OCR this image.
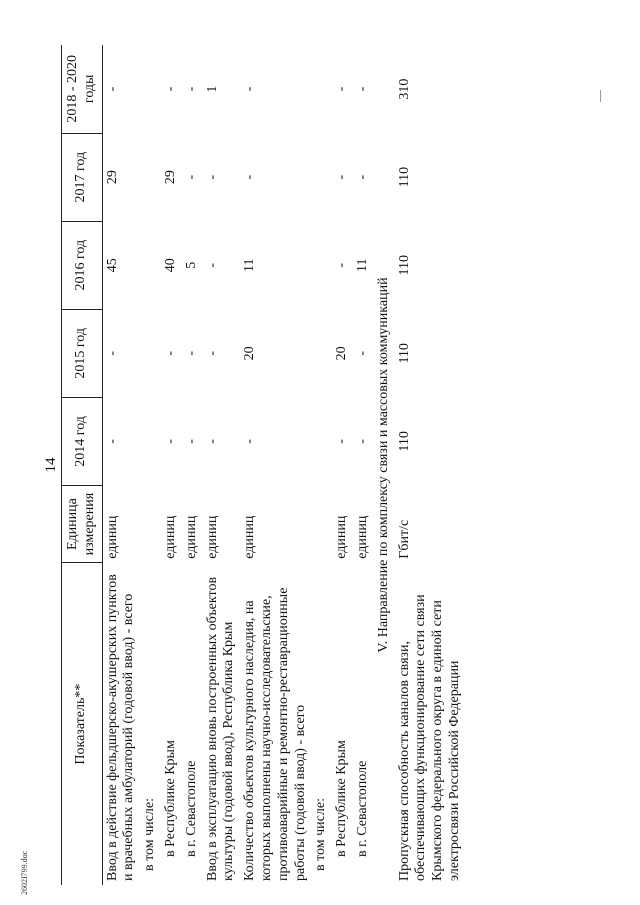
14
Показатель**	Единица измерения	2014 год	2015 год	2016 год	2017 год	2018 - 2020 годы
Ввод в действие фельдшерско-акушерских пунктов и врачебных амбулаторий (годовой ввод) - всего	единиц	-	-	45	29	-
в том числе:						
в Республике Крым	единиц	-	-	40	29	-
в г. Севастополе	единиц	-	-	5	-	-
Ввод в эксплуатацию вновь построенных объектов культуры (годовой ввод), Республика Крым	единиц	-	-	-	-	1
Количество объектов культурного наследия, на которых выполнены научно-исследовательские, противоаварийные и ремонтно-реставрационные работы (годовой ввод) - всего	единиц	-	20	11	-	-
в том числе:						
в Республике Крым	единиц	-	20	-	-	-
в г. Севастополе	единиц	-	-	11	-	-
V. Направление по комплексу связи и массовых коммуникаций						
Пропускная способность каналов связи, обеспечивающих функционирование сети связи Крымского федерального округа в единой сети электросвязи Российской Федерации	Гбит/с	110	110	110	110	310
2602I799.doc
